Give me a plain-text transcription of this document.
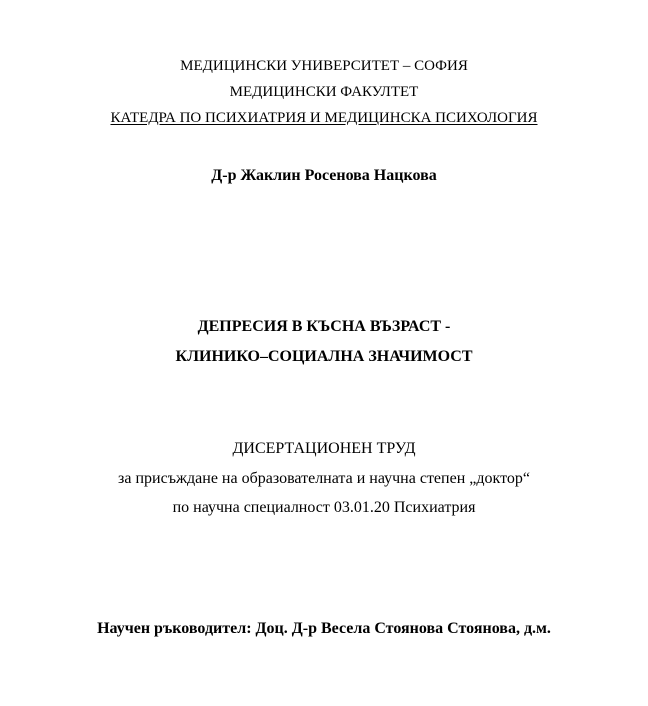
МЕДИЦИНСКИ УНИВЕРСИТЕТ – СОФИЯ
МЕДИЦИНСКИ ФАКУЛТЕТ
КАТЕДРА ПО ПСИХИАТРИЯ И МЕДИЦИНСКА ПСИХОЛОГИЯ
Д-р Жаклин Росенова Нацкова
ДЕПРЕСИЯ В КЪСНА ВЪЗРАСТ -
КЛИНИКО–СОЦИАЛНА ЗНАЧИМОСТ
ДИСЕРТАЦИОНЕН ТРУД
за присъждане на образователната и научна степен „доктор“
по научна специалност 03.01.20 Психиатрия
Научен ръководител: Доц. Д-р Весела Стоянова Стоянова, д.м.
